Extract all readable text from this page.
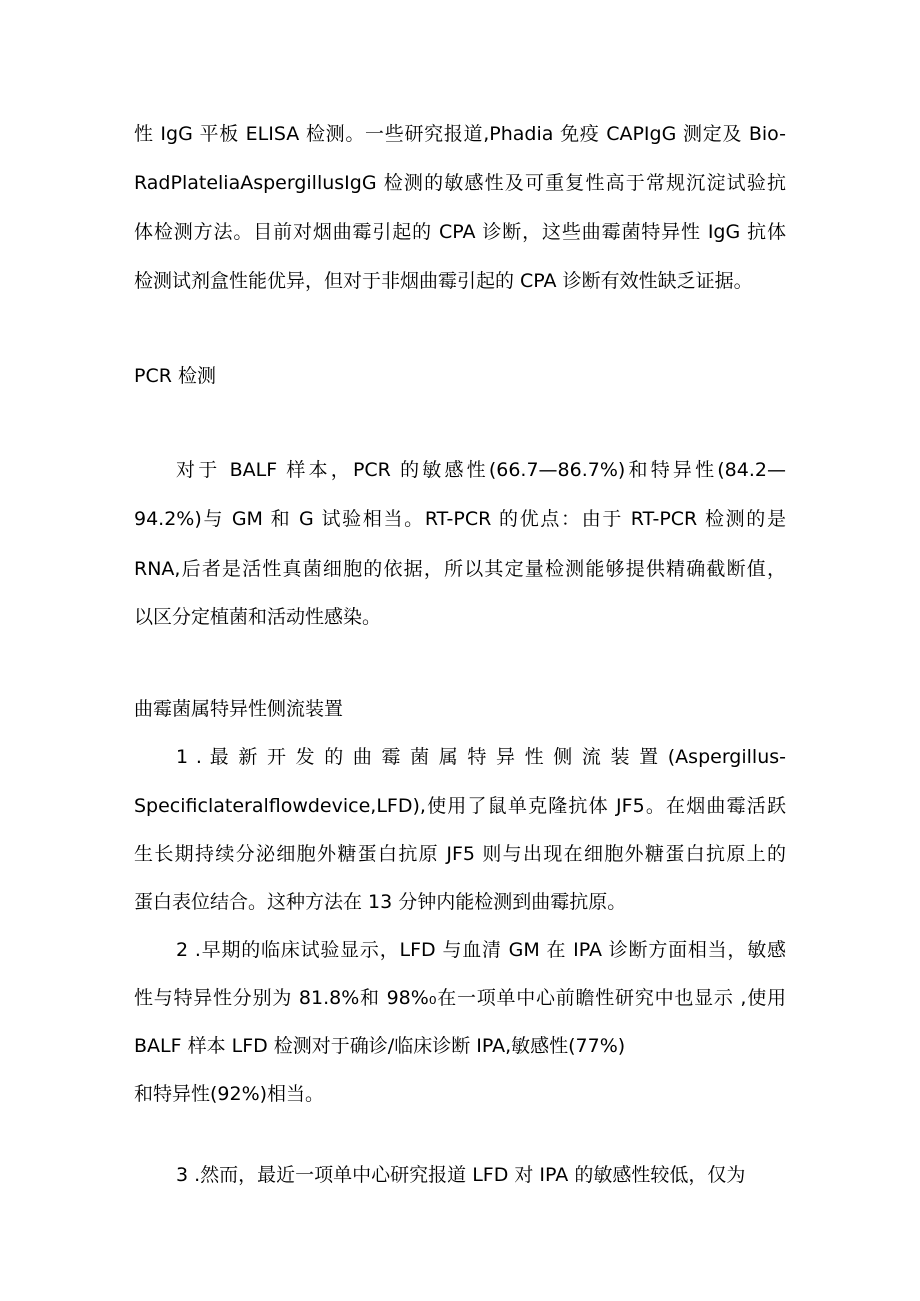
性 IgG 平板 ELISA 检测。一些研究报道,Phadia 免疫 CAPIgG 测定及 Bio-
RadPlateliaAspergillusIgG 检测的敏感性及可重复性高于常规沉淀试验抗
体检测方法。目前对烟曲霉引起的 CPA 诊断，这些曲霉菌特异性 IgG 抗体
检测试剂盒性能优异，但对于非烟曲霉引起的 CPA 诊断有效性缺乏证据。
PCR 检测
对于 BALF 样本，PCR 的敏感性(66.7—86.7%)和特异性(84.2—
94.2%)与 GM 和 G 试验相当。RT-PCR 的优点：由于 RT-PCR 检测的是
RNA,后者是活性真菌细胞的依据，所以其定量检测能够提供精确截断值，
以区分定植菌和活动性感染。
曲霉菌属特异性侧流装置
1 . 最 新 开 发 的 曲 霉 菌 属 特 异 性 侧 流 装 置 (Aspergillus-
Specificlateralflowdevice,LFD),使用了鼠单克隆抗体 JF5。在烟曲霉活跃
生长期持续分泌细胞外糖蛋白抗原 JF5 则与出现在细胞外糖蛋白抗原上的
蛋白表位结合。这种方法在 13 分钟内能检测到曲霉抗原。
2 .早期的临床试验显示，LFD 与血清 GM 在 IPA 诊断方面相当，敏感
性与特异性分别为 81.8%和 98%₀在一项单中心前瞻性研究中也显示 ,使用
BALF 样本 LFD 检测对于确诊/临床诊断 IPA,敏感性(77%)
和特异性(92%)相当。
3 .然而，最近一项单中心研究报道 LFD 对 IPA 的敏感性较低，仅为
